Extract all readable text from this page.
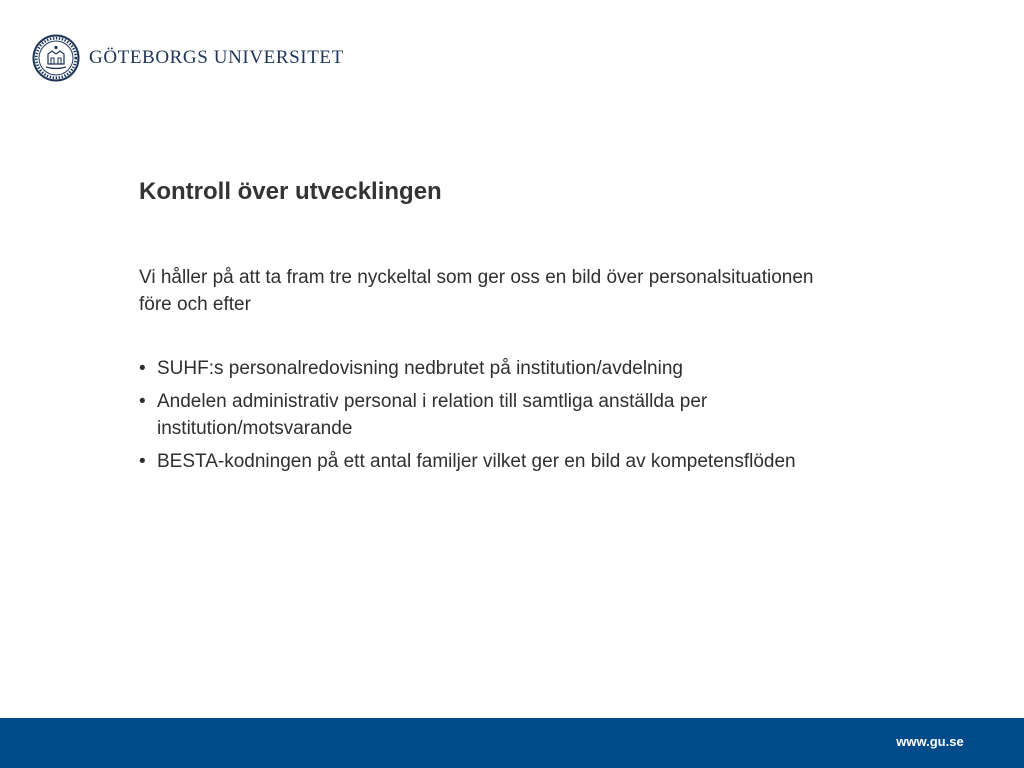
GÖTEBORGS UNIVERSITET
Kontroll över utvecklingen

Vi håller på att ta fram tre nyckeltal som ger oss en bild över personalsituationen före och efter

• SUHF:s personalredovisning nedbrutet på institution/avdelning
• Andelen administrativ personal i relation till samtliga anställda per institution/motsvarande
• BESTA-kodningen på ett antal familjer vilket ger en bild av kompetensflöden
www.gu.se
